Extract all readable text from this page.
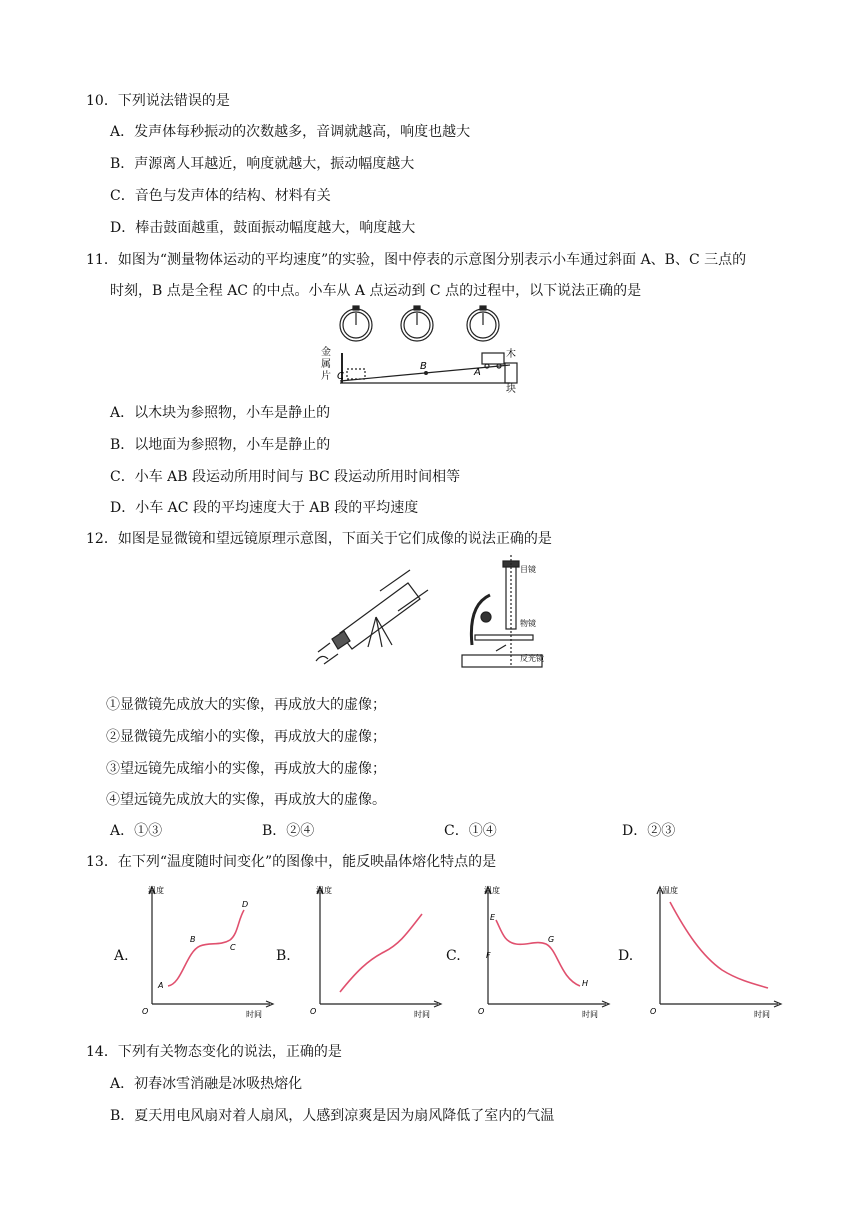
10．下列说法错误的是
A．发声体每秒振动的次数越多，音调就越高，响度也越大
B．声源离人耳越近，响度就越大，振动幅度越大
C．音色与发声体的结构、材料有关
D．棒击鼓面越重，鼓面振动幅度越大，响度越大
11．如图为“测量物体运动的平均速度”的实验，图中停表的示意图分别表示小车通过斜面 A、B、C 三点的
时刻，B 点是全程 AC 的中点。小车从 A 点运动到 C 点的过程中，以下说法正确的是
金
属
片
木
块
B
A
C
A．以木块为参照物，小车是静止的
B．以地面为参照物，小车是静止的
C．小车 AB 段运动所用时间与 BC 段运动所用时间相等
D．小车 AC 段的平均速度大于 AB 段的平均速度
12．如图是显微镜和望远镜原理示意图，下面关于它们成像的说法正确的是
目镜
物镜
反光镜
①显微镜先成放大的实像，再成放大的虚像；
②显微镜先成缩小的实像，再成放大的虚像；
③望远镜先成缩小的实像，再成放大的虚像；
④望远镜先成放大的实像，再成放大的虚像。
A．①③	B．②④	C．①④	D．②③
13．在下列“温度随时间变化”的图像中，能反映晶体熔化特点的是
A.
温度
时间
O
A
B
C
D
B.
温度
时间
O
C.
温度
时间
O
E
F
G
H
D.
温度
时间
O
14．下列有关物态变化的说法，正确的是
A．初春冰雪消融是冰吸热熔化
B．夏天用电风扇对着人扇风，人感到凉爽是因为扇风降低了室内的气温
